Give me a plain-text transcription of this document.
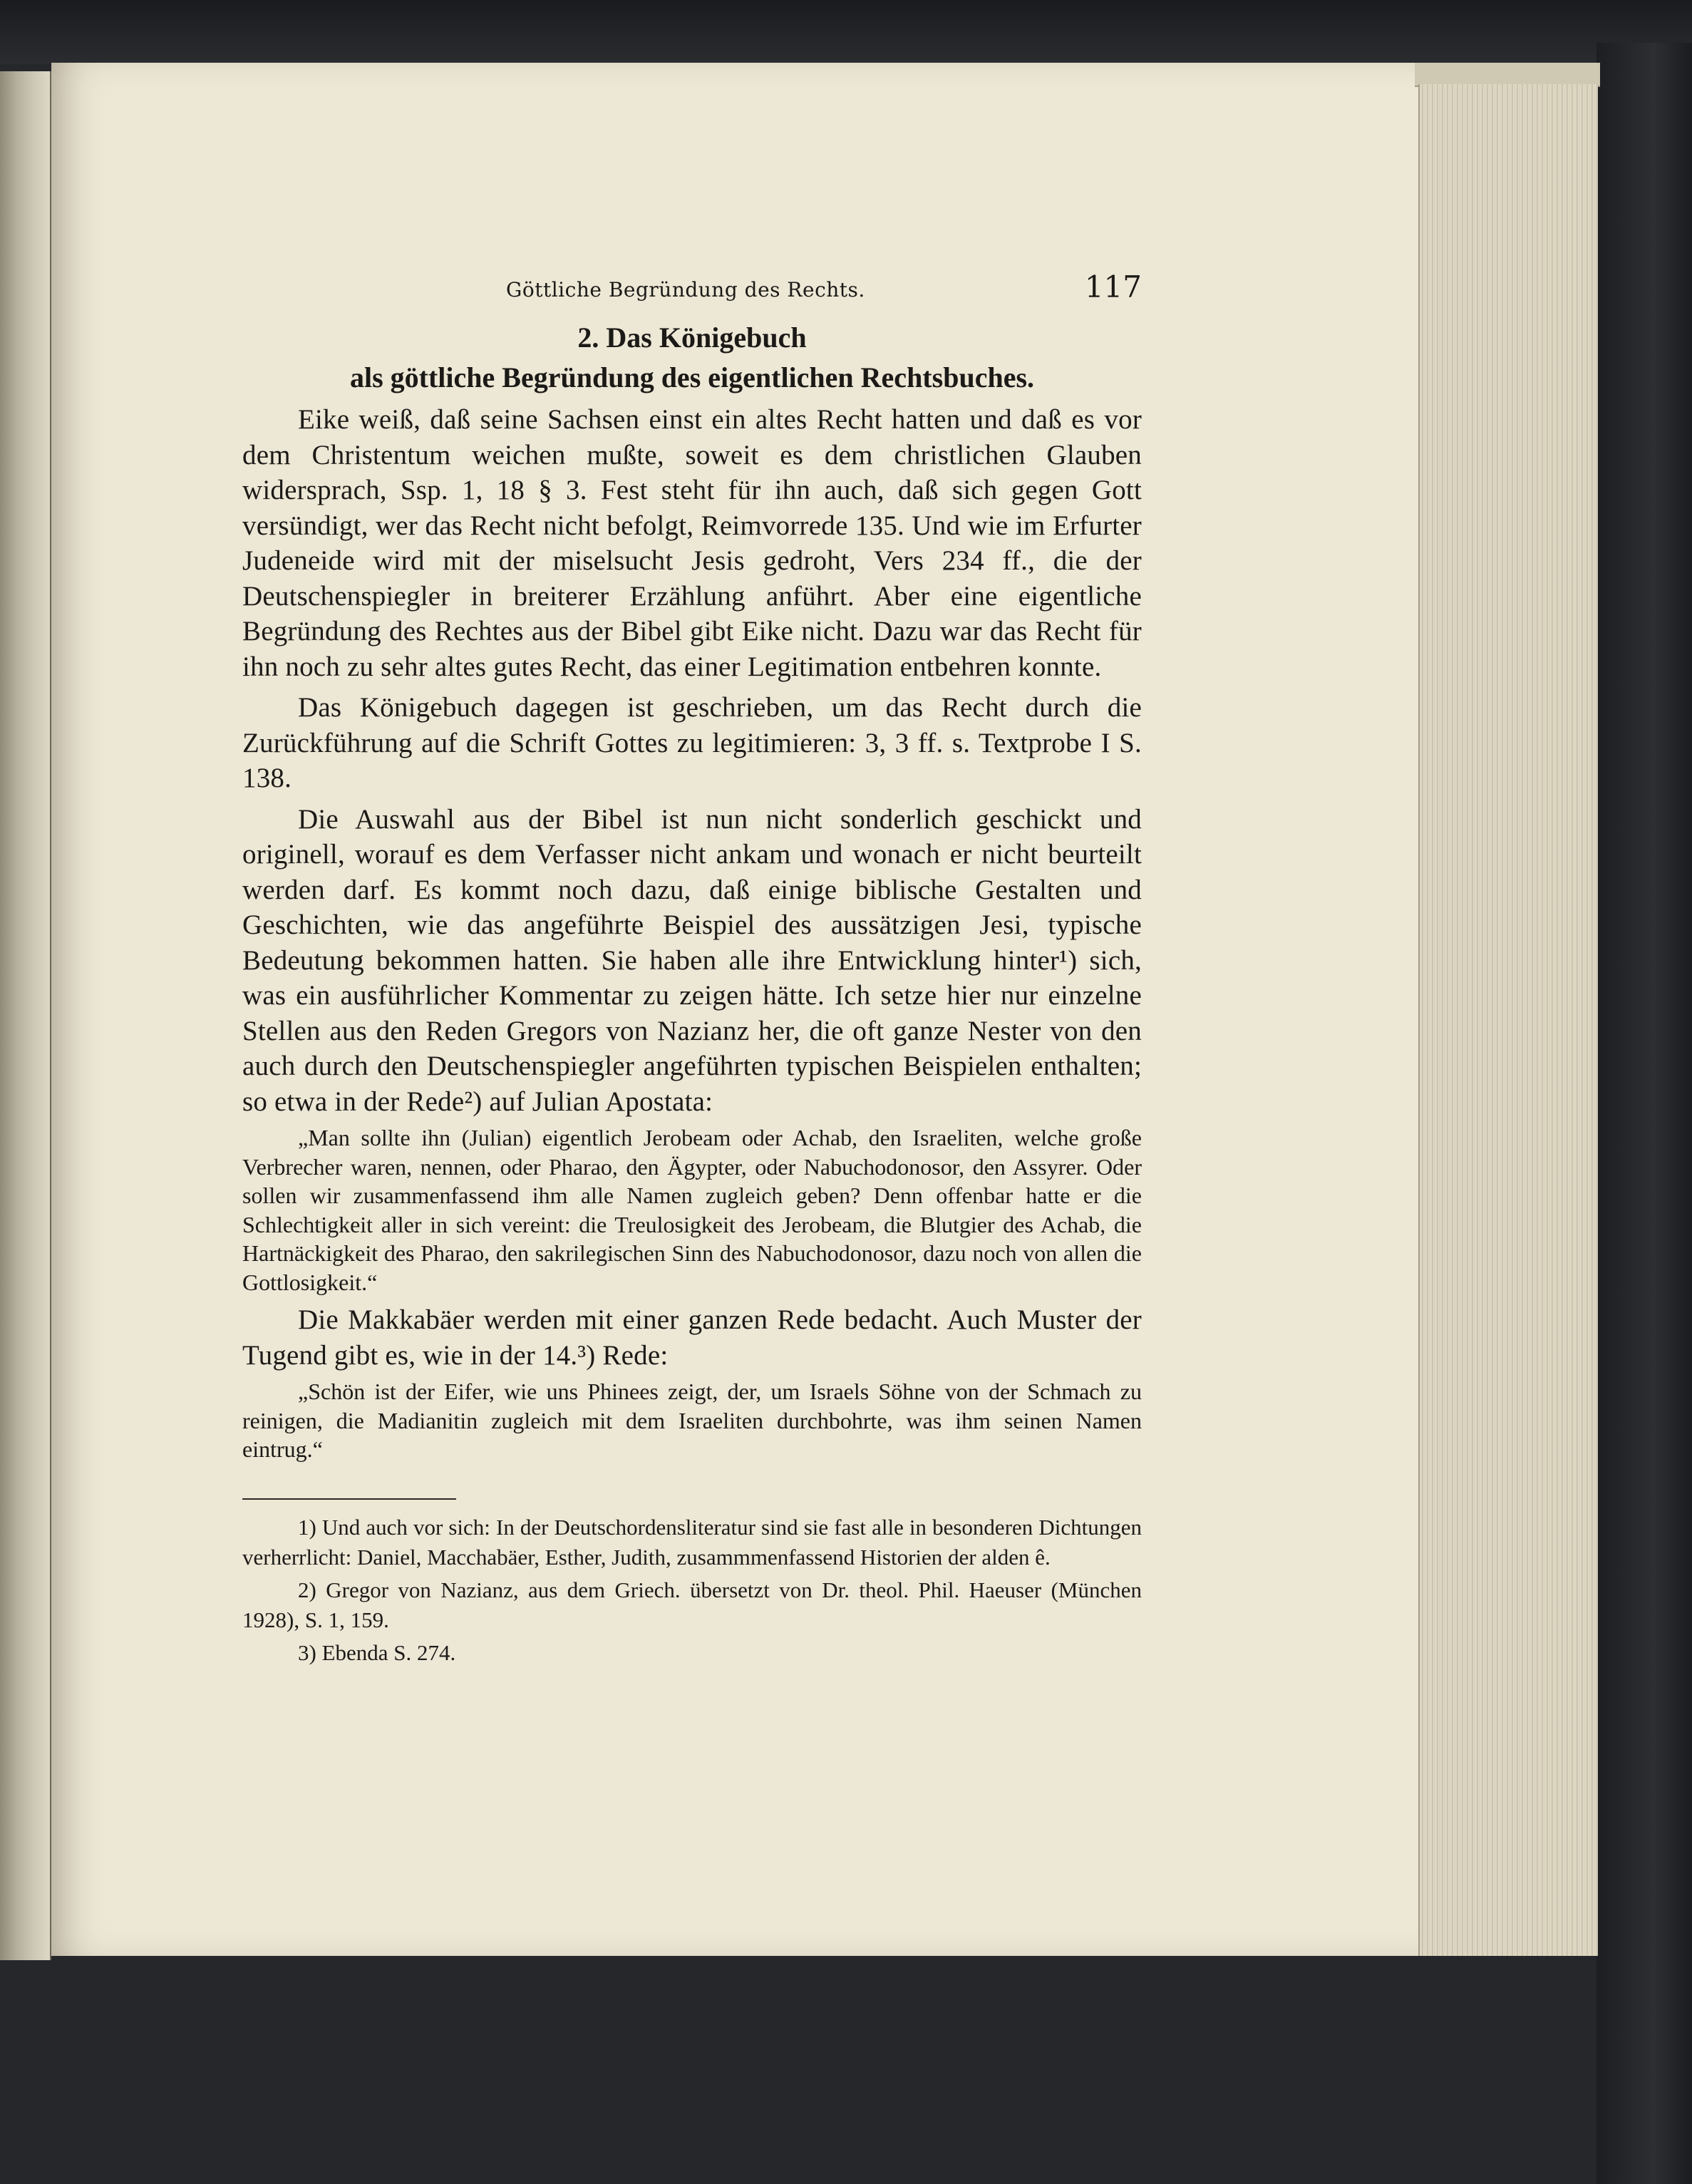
Göttliche Begründung des Rechts.	117
2. Das Königebuch
als göttliche Begründung des eigentlichen Rechtsbuches.

Eike weiß, daß seine Sachsen einst ein altes Recht hatten und daß es vor dem Christentum weichen mußte, soweit es dem christlichen Glauben widersprach, Ssp. 1, 18 § 3. Fest steht für ihn auch, daß sich gegen Gott versündigt, wer das Recht nicht befolgt, Reimvorrede 135. Und wie im Erfurter Judeneide wird mit der miselsucht Jesis gedroht, Vers 234 ff., die der Deutschenspiegler in breiterer Erzählung anführt. Aber eine eigentliche Begründung des Rechtes aus der Bibel gibt Eike nicht. Dazu war das Recht für ihn noch zu sehr altes gutes Recht, das einer Legitimation entbehren konnte.

Das Königebuch dagegen ist geschrieben, um das Recht durch die Zurückführung auf die Schrift Gottes zu legitimieren: 3, 3 ff. s. Textprobe I S. 138.

Die Auswahl aus der Bibel ist nun nicht sonderlich geschickt und originell, worauf es dem Verfasser nicht ankam und wonach er nicht beurteilt werden darf. Es kommt noch dazu, daß einige biblische Gestalten und Geschichten, wie das angeführte Beispiel des aussätzigen Jesi, typische Bedeutung bekommen hatten. Sie haben alle ihre Entwicklung hinter¹) sich, was ein ausführlicher Kommentar zu zeigen hätte. Ich setze hier nur einzelne Stellen aus den Reden Gregors von Nazianz her, die oft ganze Nester von den auch durch den Deutschenspiegler angeführten typischen Beispielen enthalten; so etwa in der Rede²) auf Julian Apostata:

„Man sollte ihn (Julian) eigentlich Jerobeam oder Achab, den Israeliten, welche große Verbrecher waren, nennen, oder Pharao, den Ägypter, oder Nabuchodonosor, den Assyrer. Oder sollen wir zusammenfassend ihm alle Namen zugleich geben? Denn offenbar hatte er die Schlechtigkeit aller in sich vereint: die Treulosigkeit des Jerobeam, die Blutgier des Achab, die Hartnäckigkeit des Pharao, den sakrilegischen Sinn des Nabuchodonosor, dazu noch von allen die Gottlosigkeit.“

Die Makkabäer werden mit einer ganzen Rede bedacht. Auch Muster der Tugend gibt es, wie in der 14.³) Rede:

„Schön ist der Eifer, wie uns Phinees zeigt, der, um Israels Söhne von der Schmach zu reinigen, die Madianitin zugleich mit dem Israeliten durchbohrte, was ihm seinen Namen eintrug.“

1) Und auch vor sich: In der Deutschordensliteratur sind sie fast alle in besonderen Dichtungen verherrlicht: Daniel, Macchabäer, Esther, Judith, zusammmenfassend Historien der alden ê.

2) Gregor von Nazianz, aus dem Griech. übersetzt von Dr. theol. Phil. Haeuser (München 1928), S. 1, 159.

3) Ebenda S. 274.
